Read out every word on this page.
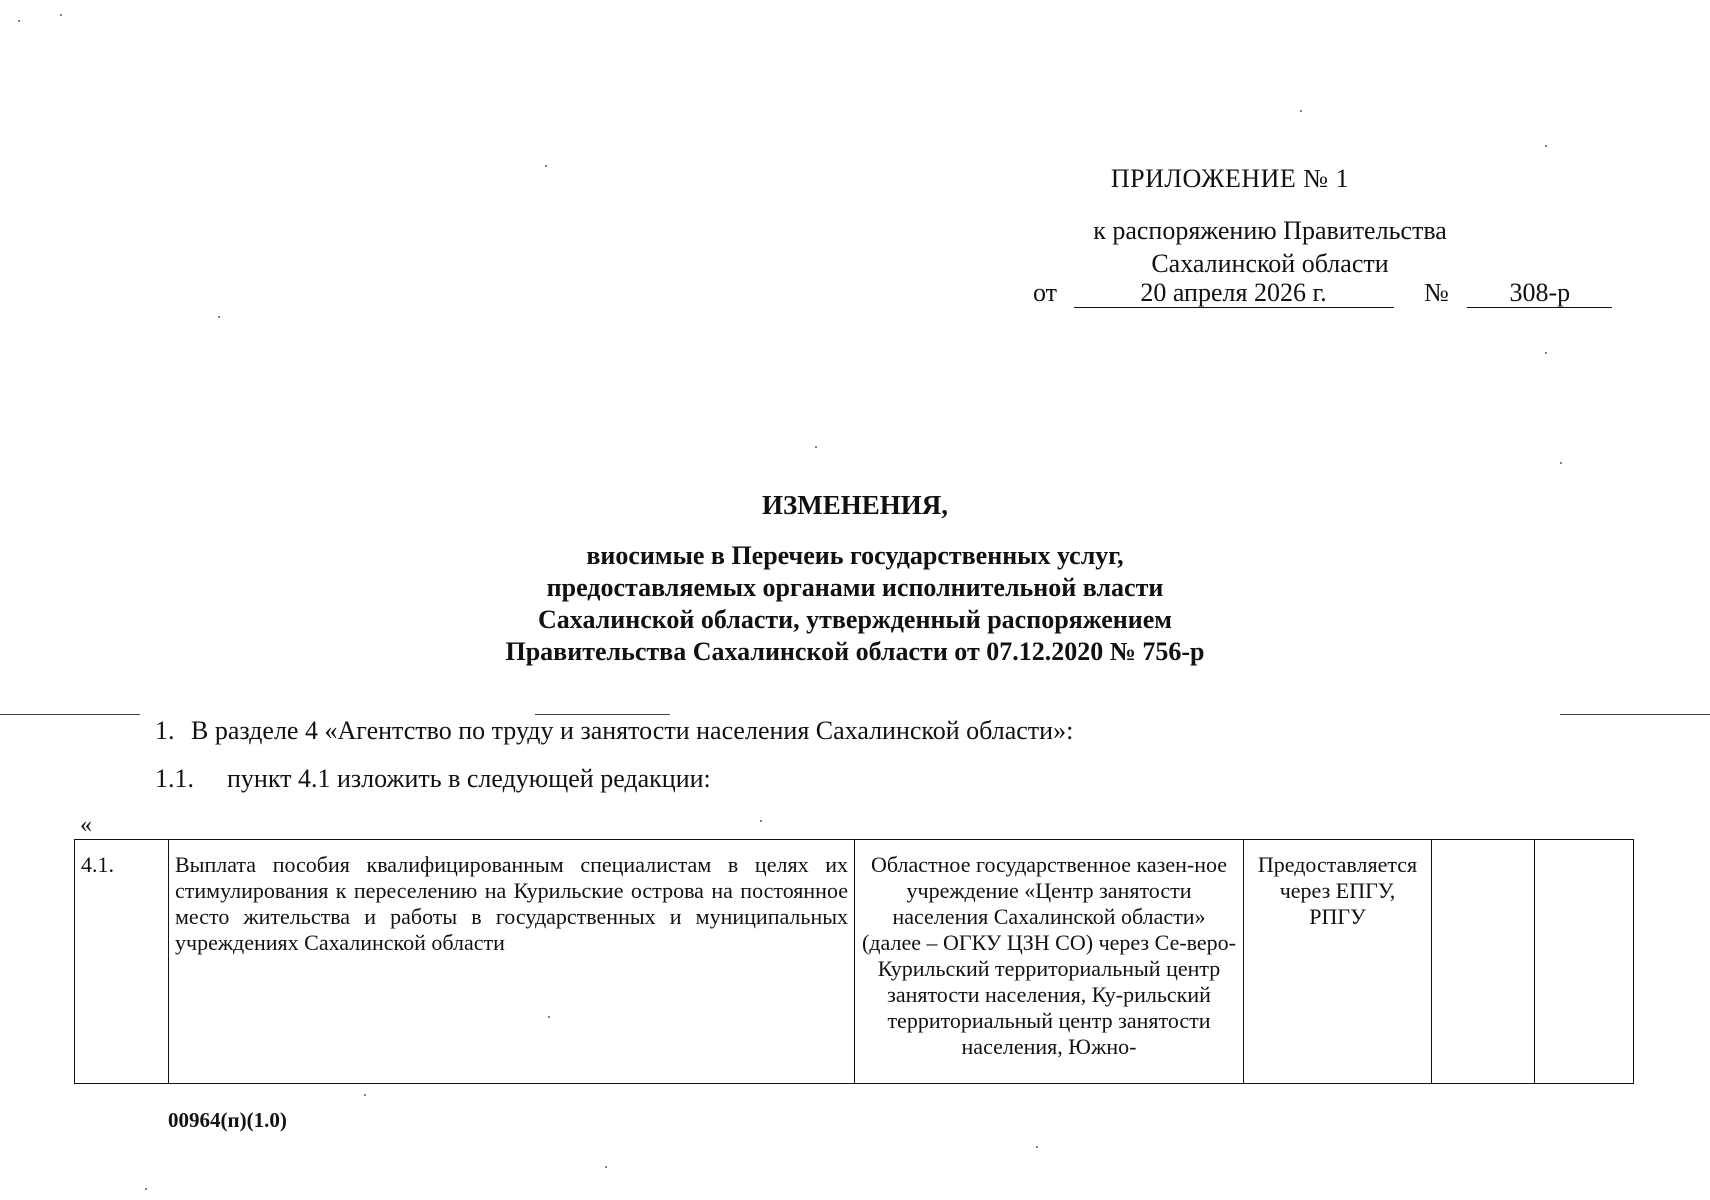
ПРИЛОЖЕНИЕ № 1
к распоряжению Правительства
Сахалинской области
от	20 апреля 2026 г.	№ 308-р
ИЗМЕНЕНИЯ,
виосимые в Перечеиь государственных услуг,
предоставляемых органами исполнительной власти
Сахалинской области, утвержденный распоряжением
Правительства Сахалинской области от 07.12.2020 № 756-р
1. В разделе 4 «Агентство по труду и занятости населения Сахалинской области»:
1.1. пункт 4.1 изложить в следующей редакции:
«
4.1.	Выплата пособия квалифицированным специалистам в целях их стимулирования к переселению на Курильские острова на постоянное место жительства и работы в государственных и муниципальных учреждениях Сахалинской области	Областное государственное казен-ное учреждение «Центр занятости населения Сахалинской области» (далее – ОГКУ ЦЗН СО) через Се-веро-Курильский территориальный центр занятости населения, Ку-рильский территориальный центр занятости населения, Южно-	Предоставляется через ЕПГУ, РПГУ		
00964(п)(1.0)
